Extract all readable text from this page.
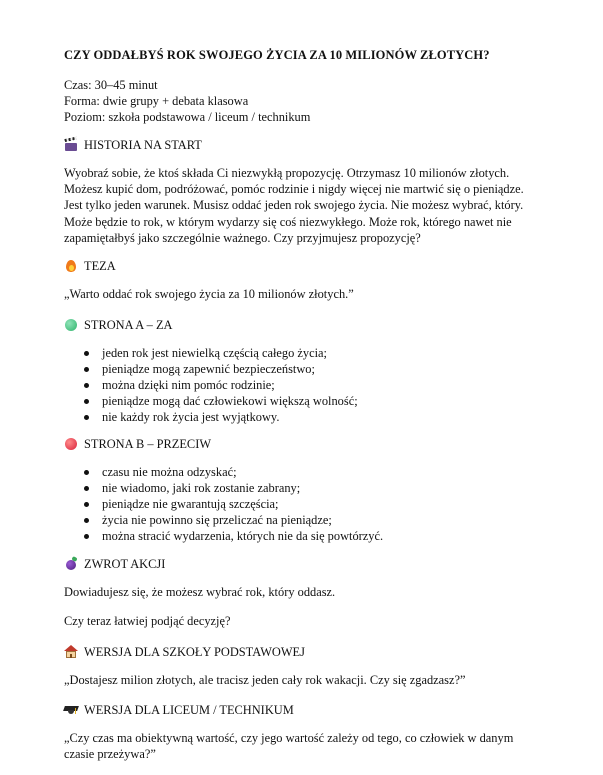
CZY ODDAŁBYŚ ROK SWOJEGO ŻYCIA ZA 10 MILIONÓW ZŁOTYCH?

Czas: 30–45 minut
Forma: dwie grupy + debata klasowa
Poziom: szkoła podstawowa / liceum / technikum
HISTORIA NA START

Wyobraź sobie, że ktoś składa Ci niezwykłą propozycję. Otrzymasz 10 milionów złotych. Możesz kupić dom, podróżować, pomóc rodzinie i nigdy więcej nie martwić się o pieniądze. Jest tylko jeden warunek. Musisz oddać jeden rok swojego życia. Nie możesz wybrać, który. Może będzie to rok, w którym wydarzy się coś niezwykłego. Może rok, którego nawet nie zapamiętałbyś jako szczególnie ważnego. Czy przyjmujesz propozycję?

TEZA

„Warto oddać rok swojego życia za 10 milionów złotych.”

STRONA A – ZA
jeden rok jest niewielką częścią całego życia;
pieniądze mogą zapewnić bezpieczeństwo;
można dzięki nim pomóc rodzinie;
pieniądze mogą dać człowiekowi większą wolność;
nie każdy rok życia jest wyjątkowy.
STRONA B – PRZECIW
czasu nie można odzyskać;
nie wiadomo, jaki rok zostanie zabrany;
pieniądze nie gwarantują szczęścia;
życia nie powinno się przeliczać na pieniądze;
można stracić wydarzenia, których nie da się powtórzyć.
ZWROT AKCJI

Dowiadujesz się, że możesz wybrać rok, który oddasz.

Czy teraz łatwiej podjąć decyzję?

WERSJA DLA SZKOŁY PODSTAWOWEJ

„Dostajesz milion złotych, ale tracisz jeden cały rok wakacji. Czy się zgadzasz?”

WERSJA DLA LICEUM / TECHNIKUM

„Czy czas ma obiektywną wartość, czy jego wartość zależy od tego, co człowiek w danym czasie przeżywa?”
